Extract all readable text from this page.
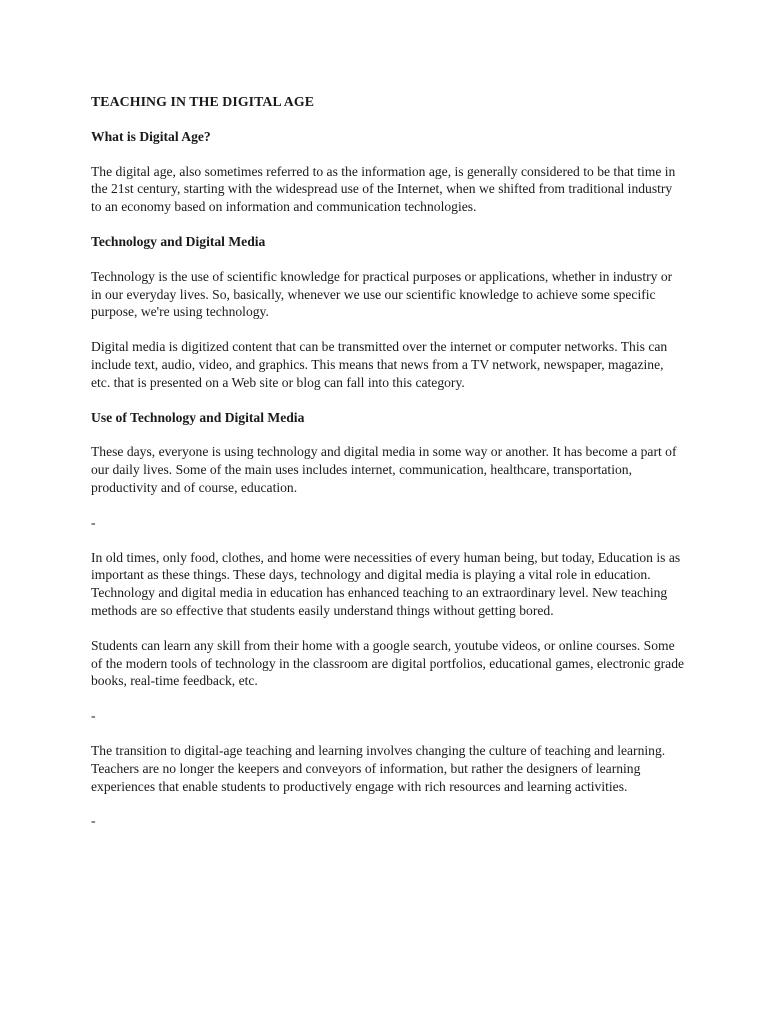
TEACHING IN THE DIGITAL AGE
What is Digital Age?
The digital age, also sometimes referred to as the information age, is generally considered to be that time in the 21st century, starting with the widespread use of the Internet, when we shifted from traditional industry to an economy based on information and communication technologies.
Technology and Digital Media
Technology is the use of scientific knowledge for practical purposes or applications, whether in industry or in our everyday lives. So, basically, whenever we use our scientific knowledge to achieve some specific purpose, we're using technology.
Digital media is digitized content that can be transmitted over the internet or computer networks. This can include text, audio, video, and graphics. This means that news from a TV network, newspaper, magazine, etc. that is presented on a Web site or blog can fall into this category.
Use of Technology and Digital Media
These days, everyone is using technology and digital media in some way or another. It has become a part of our daily lives. Some of the main uses includes internet, communication, healthcare, transportation, productivity and of course, education.
-
In old times, only food, clothes, and home were necessities of every human being, but today, Education is as important as these things. These days, technology and digital media is playing a vital role in education. Technology and digital media in education has enhanced teaching to an extraordinary level. New teaching methods are so effective that students easily understand things without getting bored.
Students can learn any skill from their home with a google search, youtube videos, or online courses. Some of the modern tools of technology in the classroom are digital portfolios, educational games, electronic grade books, real-time feedback, etc.
-
The transition to digital-age teaching and learning involves changing the culture of teaching and learning. Teachers are no longer the keepers and conveyors of information, but rather the designers of learning experiences that enable students to productively engage with rich resources and learning activities.
-
